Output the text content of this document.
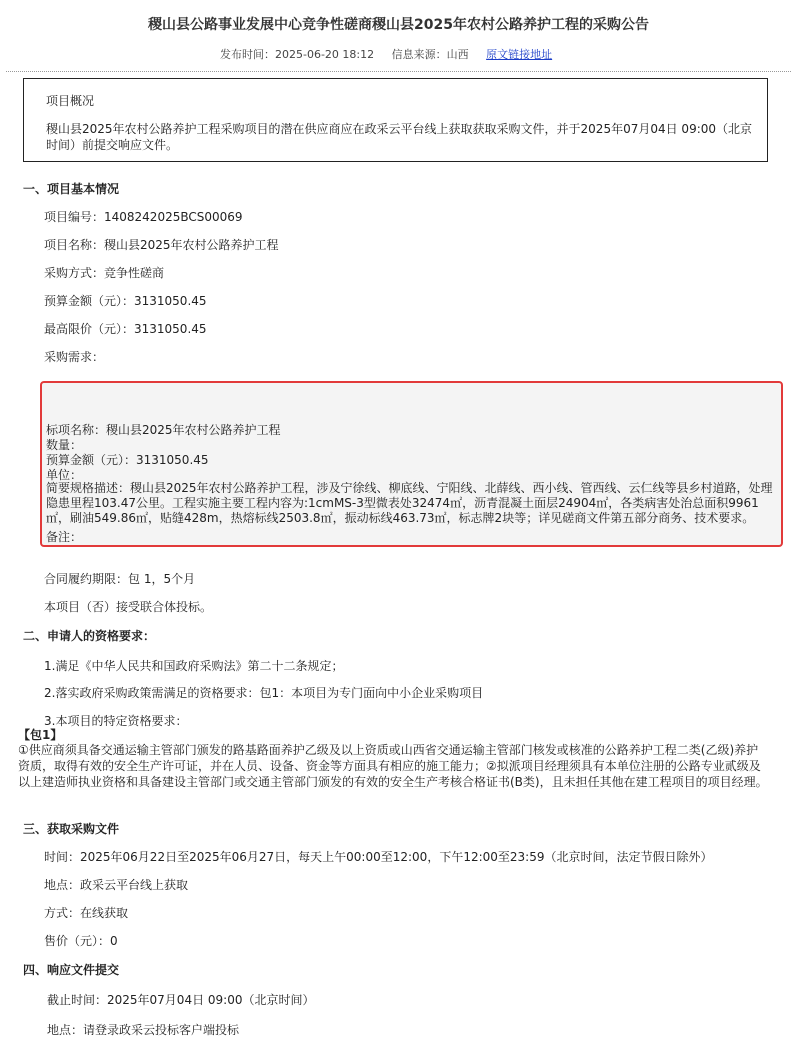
稷山县公路事业发展中心竞争性磋商稷山县2025年农村公路养护工程的采购公告
发布时间：2025-06-20 18:12 信息来源：山西 原文链接地址
项目概况
稷山县2025年农村公路养护工程采购项目的潜在供应商应在政采云平台线上获取获取采购文件，并于2025年07月04日 09:00（北京时间）前提交响应文件。
一、项目基本情况
项目编号：1408242025BCS00069
项目名称：稷山县2025年农村公路养护工程
采购方式：竞争性磋商
预算金额（元）：3131050.45
最高限价（元）：3131050.45
采购需求：
标项名称：稷山县2025年农村公路养护工程
数量：
预算金额（元）：3131050.45
单位：
简要规格描述：稷山县2025年农村公路养护工程，涉及宁徐线、柳底线、宁阳线、北薛线、西小线、管西线、云仁线等县乡村道路，处理隐患里程103.47公里。工程实施主要工程内容为:1cmMS-3型微表处32474㎡，沥青混凝土面层24904㎡，各类病害处治总面积9961㎡，刷油549.86㎡，贴缝428m，热熔标线2503.8㎡，振动标线463.73㎡，标志牌2块等；详见磋商文件第五部分商务、技术要求。
备注：
合同履约期限：包 1，5个月
本项目（否）接受联合体投标。
二、申请人的资格要求：
1.满足《中华人民共和国政府采购法》第二十二条规定；
2.落实政府采购政策需满足的资格要求：包1：本项目为专门面向中小企业采购项目
3.本项目的特定资格要求：
【包1】
①供应商须具备交通运输主管部门颁发的路基路面养护乙级及以上资质或山西省交通运输主管部门核发或核准的公路养护工程二类(乙级)养护资质，取得有效的安全生产许可证，并在人员、设备、资金等方面具有相应的施工能力；②拟派项目经理须具有本单位注册的公路专业贰级及以上建造师执业资格和具备建设主管部门或交通主管部门颁发的有效的安全生产考核合格证书(B类)，且未担任其他在建工程项目的项目经理。
三、获取采购文件
时间：2025年06月22日至2025年06月27日，每天上午00:00至12:00，下午12:00至23:59（北京时间，法定节假日除外）
地点：政采云平台线上获取
方式：在线获取
售价（元）：0
四、响应文件提交
截止时间：2025年07月04日 09:00（北京时间）
地点：请登录政采云投标客户端投标
